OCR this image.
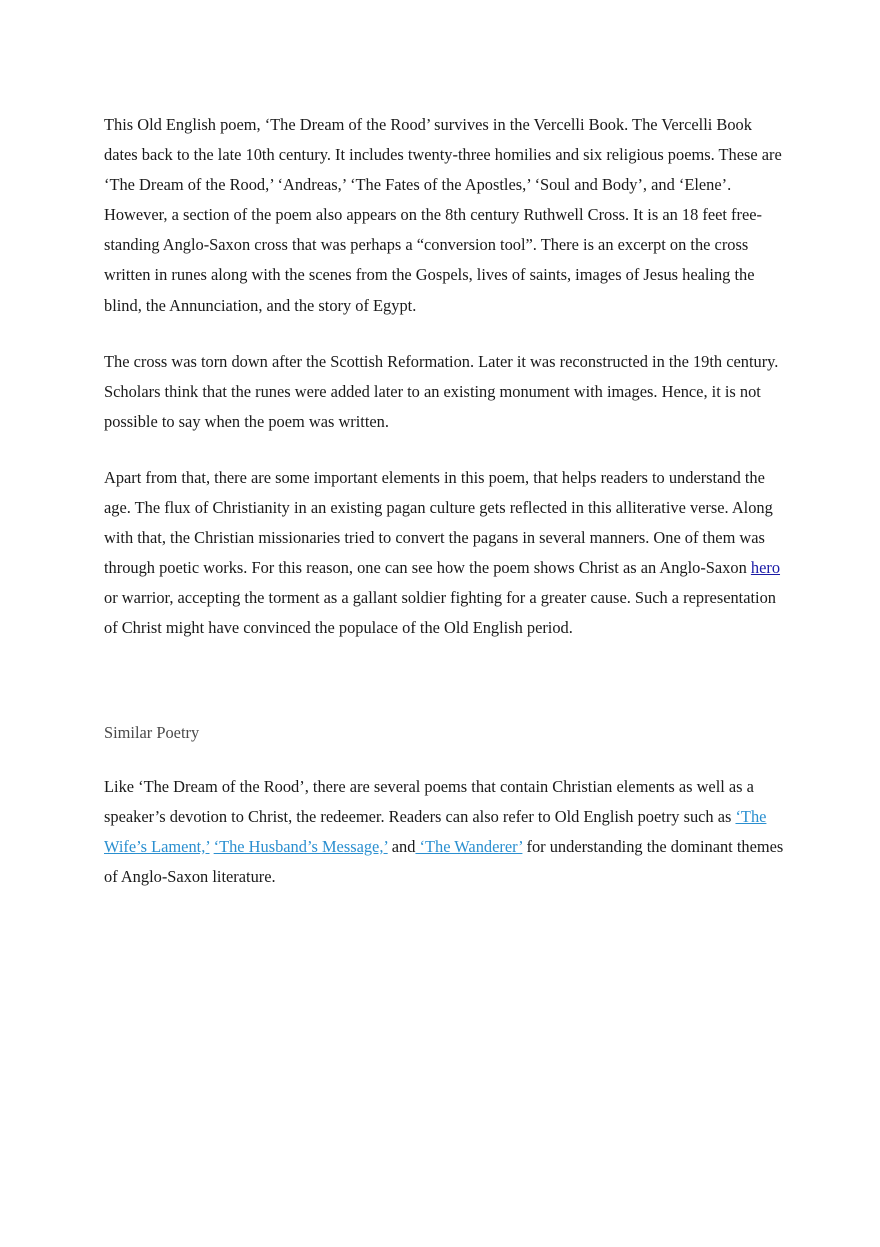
This Old English poem, ‘The Dream of the Rood’ survives in the Vercelli Book. The Vercelli Book dates back to the late 10th century. It includes twenty-three homilies and six religious poems. These are ‘The Dream of the Rood,’ ‘Andreas,’ ‘The Fates of the Apostles,’ ‘Soul and Body’, and ‘Elene’. However, a section of the poem also appears on the 8th century Ruthwell Cross. It is an 18 feet free-standing Anglo-Saxon cross that was perhaps a “conversion tool”. There is an excerpt on the cross written in runes along with the scenes from the Gospels, lives of saints, images of Jesus healing the blind, the Annunciation, and the story of Egypt.

The cross was torn down after the Scottish Reformation. Later it was reconstructed in the 19th century. Scholars think that the runes were added later to an existing monument with images. Hence, it is not possible to say when the poem was written.

Apart from that, there are some important elements in this poem, that helps readers to understand the age. The flux of Christianity in an existing pagan culture gets reflected in this alliterative verse. Along with that, the Christian missionaries tried to convert the pagans in several manners. One of them was through poetic works. For this reason, one can see how the poem shows Christ as an Anglo-Saxon hero or warrior, accepting the torment as a gallant soldier fighting for a greater cause. Such a representation of Christ might have convinced the populace of the Old English period.

Similar Poetry

Like ‘The Dream of the Rood’, there are several poems that contain Christian elements as well as a speaker’s devotion to Christ, the redeemer. Readers can also refer to Old English poetry such as ‘The Wife’s Lament,’ ‘The Husband’s Message,’ and ‘The Wanderer’ for understanding the dominant themes of Anglo-Saxon literature.
